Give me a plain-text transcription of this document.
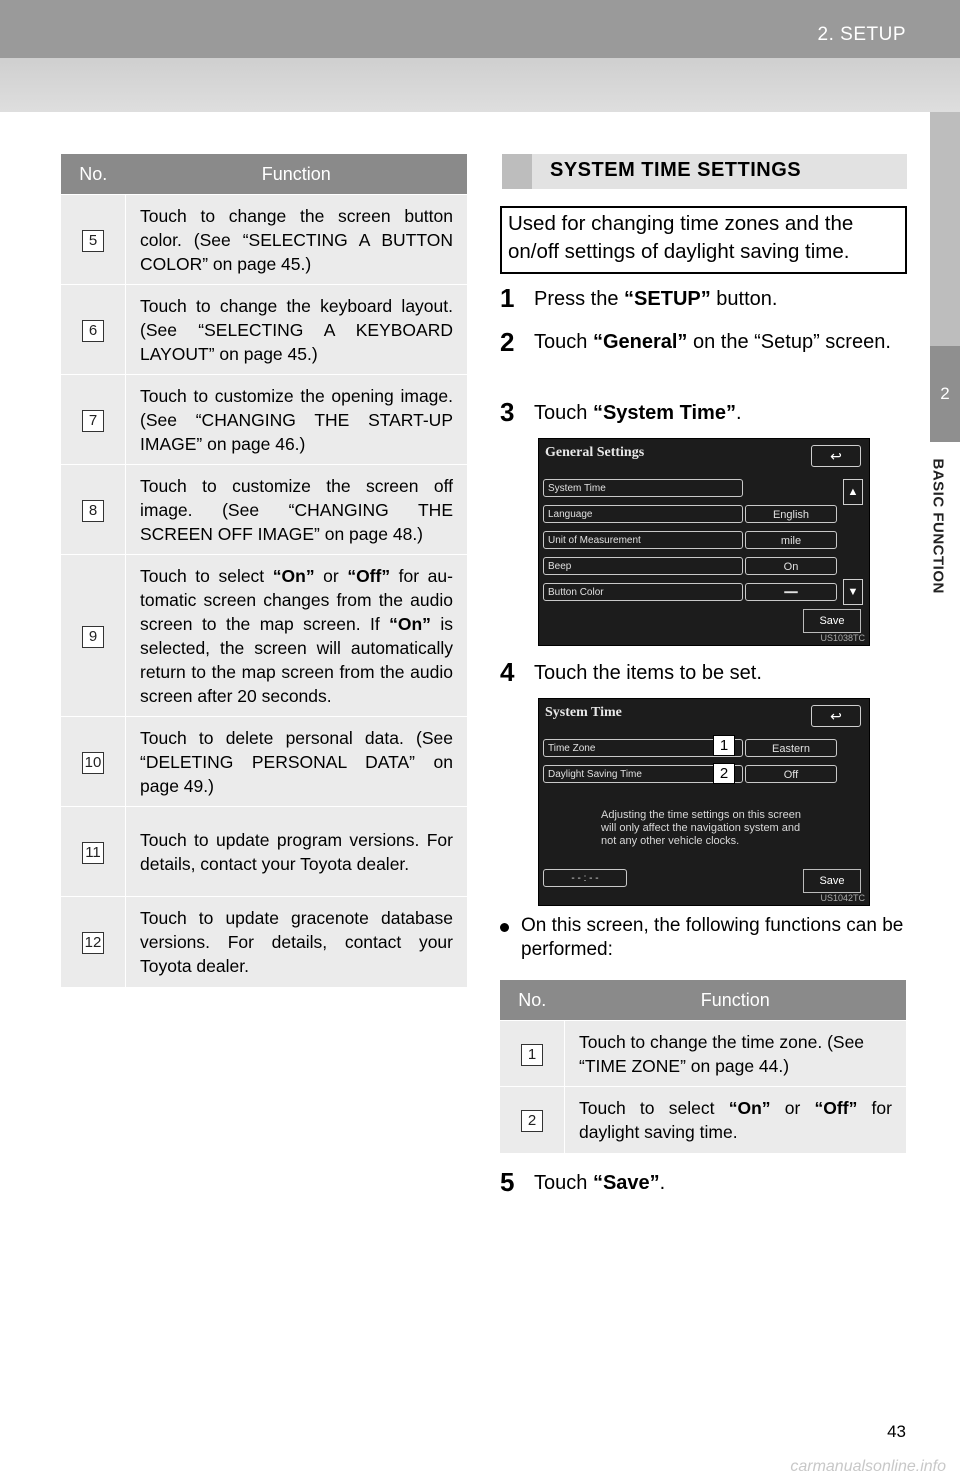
2. SETUP
2
BASIC FUNCTION
No.	Function
5	Touch to change the screen button color. (See “SELECTING A BUTTON COLOR” on page 45.)
6	Touch to change the keyboard layout. (See “SELECTING A KEYBOARD LAYOUT” on page 45.)
7	Touch to customize the opening image. (See “CHANGING THE START-UP IMAGE” on page 46.)
8	Touch to customize the screen off image. (See “CHANGING THE SCREEN OFF IMAGE” on page 48.)
9	Touch to select “On” or “Off” for automatic screen changes from the audio screen to the map screen. If “On” is selected, the screen will automatically return to the map screen from the audio screen after 20 seconds.
10	Touch to delete personal data. (See “DELETING PERSONAL DATA” on page 49.)
11	Touch to update program versions. For details, contact your Toyota dealer.
12	Touch to update gracenote database versions. For details, contact your Toyota dealer.
SYSTEM TIME SETTINGS
Used for changing time zones and the on/off settings of daylight saving time.
1 Press the “SETUP” button.
2 Touch “General” on the “Setup” screen.
3 Touch “System Time”.
General Settings	↩
System Time
Language	English
Unit of Measurement	mile
Beep	On
Button Color	━━
▲
▼
Save
US1038TC
4 Touch the items to be set.
System Time	↩
Time Zone	Eastern
Daylight Saving Time	Off
1
2
Adjusting the time settings on this screen will only affect the navigation system and not any other vehicle clocks.
- - : - -	Save
US1042TC
On this screen, the following functions can be performed:
No.	Function
1	Touch to change the time zone. (See “TIME ZONE” on page 44.)
2	Touch to select “On” or “Off” for daylight saving time.
5 Touch “Save”.
43
carmanualsonline.info
